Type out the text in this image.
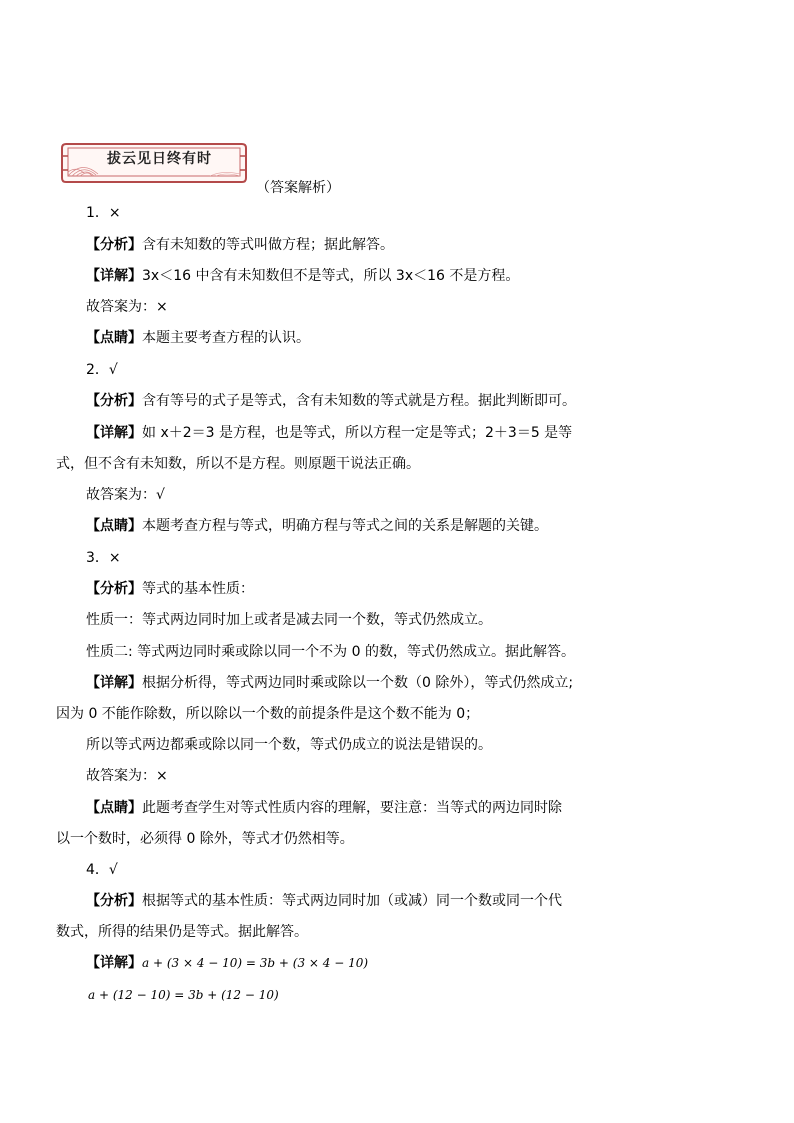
拔云见日终有时
（答案解析）
1．×
【分析】含有未知数的等式叫做方程；据此解答。
【详解】3x＜16 中含有未知数但不是等式，所以 3x＜16 不是方程。
故答案为：×
【点睛】本题主要考查方程的认识。
2．√
【分析】含有等号的式子是等式，含有未知数的等式就是方程。据此判断即可。
【详解】如 x＋2＝3 是方程，也是等式，所以方程一定是等式；2＋3＝5 是等
式，但不含有未知数，所以不是方程。则原题干说法正确。
故答案为：√
【点睛】本题考查方程与等式，明确方程与等式之间的关系是解题的关键。
3．×
【分析】等式的基本性质：
性质一：等式两边同时加上或者是减去同一个数，等式仍然成立。
性质二: 等式两边同时乘或除以同一个不为 0 的数，等式仍然成立。据此解答。
【详解】根据分析得，等式两边同时乘或除以一个数（0 除外），等式仍然成立;
因为 0 不能作除数，所以除以一个数的前提条件是这个数不能为 0；
所以等式两边都乘或除以同一个数，等式仍成立的说法是错误的。
故答案为：×
【点睛】此题考查学生对等式性质内容的理解，要注意：当等式的两边同时除
以一个数时，必须得 0 除外，等式才仍然相等。
4．√
【分析】根据等式的基本性质：等式两边同时加（或减）同一个数或同一个代
数式，所得的结果仍是等式。据此解答。
【详解】a + (3 × 4 − 10) = 3b + (3 × 4 − 10)
a + (12 − 10) = 3b + (12 − 10)
